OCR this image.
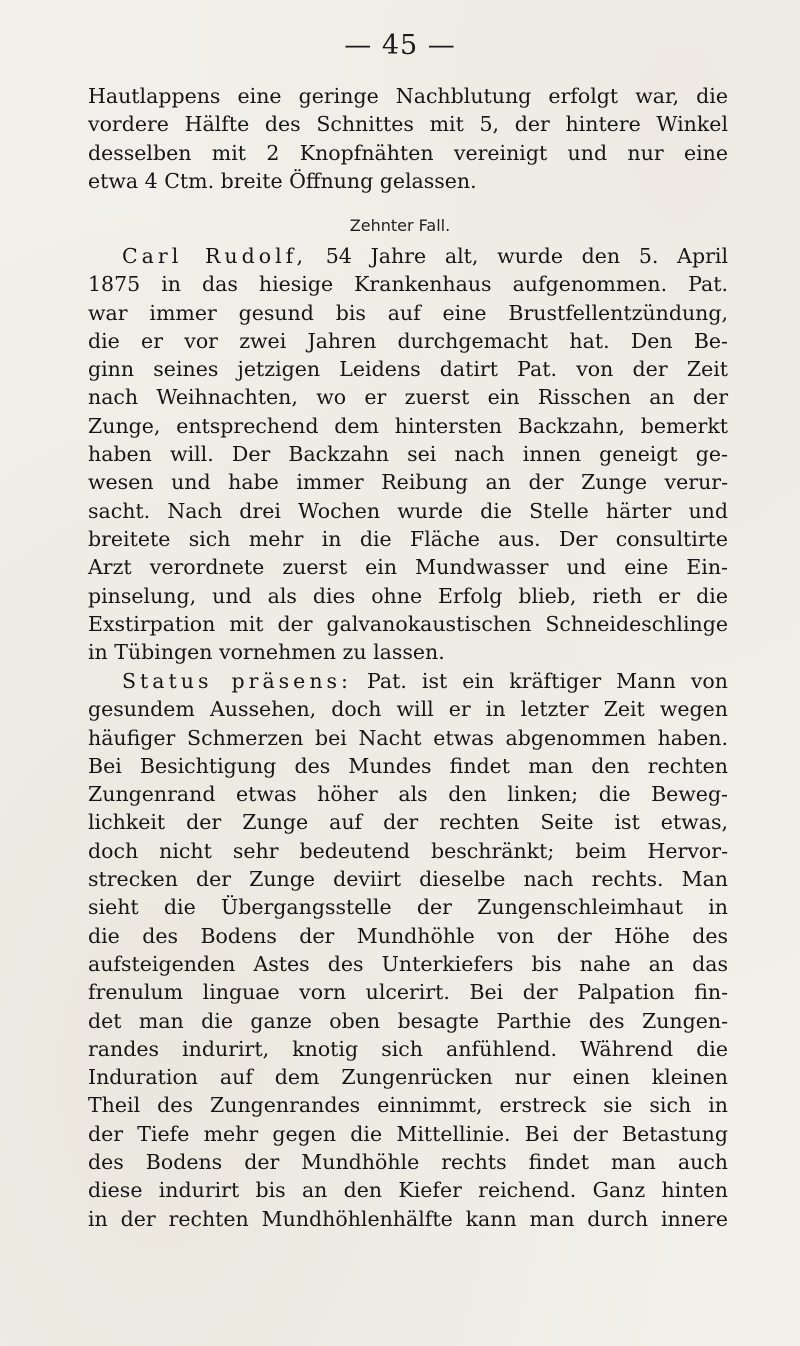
— 45 —
Hautlappens eine geringe Nachblutung erfolgt war, die
vordere Hälfte des Schnittes mit 5, der hintere Winkel
desselben mit 2 Knopfnähten vereinigt und nur eine
etwa 4 Ctm. breite Öffnung gelassen.
Zehnter Fall.
Carl Rudolf, 54 Jahre alt, wurde den 5. April
1875 in das hiesige Krankenhaus aufgenommen. Pat.
war immer gesund bis auf eine Brustfellentzündung,
die er vor zwei Jahren durchgemacht hat. Den Be-
ginn seines jetzigen Leidens datirt Pat. von der Zeit
nach Weihnachten, wo er zuerst ein Risschen an der
Zunge, entsprechend dem hintersten Backzahn, bemerkt
haben will. Der Backzahn sei nach innen geneigt ge-
wesen und habe immer Reibung an der Zunge verur-
sacht. Nach drei Wochen wurde die Stelle härter und
breitete sich mehr in die Fläche aus. Der consultirte
Arzt verordnete zuerst ein Mundwasser und eine Ein-
pinselung, und als dies ohne Erfolg blieb, rieth er die
Exstirpation mit der galvanokaustischen Schneideschlinge
in Tübingen vornehmen zu lassen.
Status präsens: Pat. ist ein kräftiger Mann von
gesundem Aussehen, doch will er in letzter Zeit wegen
häufiger Schmerzen bei Nacht etwas abgenommen haben.
Bei Besichtigung des Mundes findet man den rechten
Zungenrand etwas höher als den linken; die Beweg-
lichkeit der Zunge auf der rechten Seite ist etwas,
doch nicht sehr bedeutend beschränkt; beim Hervor-
strecken der Zunge deviirt dieselbe nach rechts. Man
sieht die Übergangsstelle der Zungenschleimhaut in
die des Bodens der Mundhöhle von der Höhe des
aufsteigenden Astes des Unterkiefers bis nahe an das
frenulum linguae vorn ulcerirt. Bei der Palpation fin-
det man die ganze oben besagte Parthie des Zungen-
randes indurirt, knotig sich anfühlend. Während die
Induration auf dem Zungenrücken nur einen kleinen
Theil des Zungenrandes einnimmt, erstreck sie sich in
der Tiefe mehr gegen die Mittellinie. Bei der Betastung
des Bodens der Mundhöhle rechts findet man auch
diese indurirt bis an den Kiefer reichend. Ganz hinten
in der rechten Mundhöhlenhälfte kann man durch innere
